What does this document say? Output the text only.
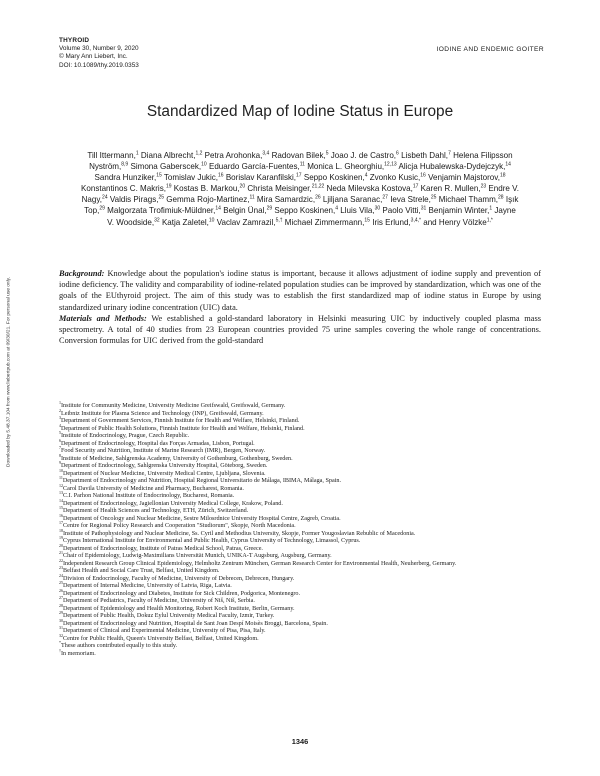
Downloaded by 5.48.37.104 from www.liebertpub.com at 09/30/21. For personal use only.
THYROID
Volume 30, Number 9, 2020
© Mary Ann Liebert, Inc.
DOI: 10.1089/thy.2019.0353
IODINE AND ENDEMIC GOITER
Standardized Map of Iodine Status in Europe
Till Ittermann,$^1$ Diana Albrecht,$^{1,2}$ Petra Arohonka,$^{3,4}$ Radovan Bilek,$^5$ Joao J. de Castro,$^6$ Lisbeth Dahl,$^7$ Helena Filipsson Nyström,$^{8,9}$ Simona Gaberscek,$^{10}$ Eduardo García-Fuentes,$^{11}$ Monica L. Gheorghiu,$^{12,13}$ Alicja Hubalewska-Dydejczyk,$^{14}$ Sandra Hunziker,$^{15}$ Tomislav Jukic,$^{16}$ Borislav Karanfilski,$^{17}$ Seppo Koskinen,$^4$ Zvonko Kusic,$^{16}$ Venjamin Majstorov,$^{18}$ Konstantinos C. Makris,$^{19}$ Kostas B. Markou,$^{20}$ Christa Meisinger,$^{21,22}$ Neda Milevska Kostova,$^{17}$ Karen R. Mullen,$^{23}$ Endre V. Nagy,$^{24}$ Valdis Pirags,$^{25}$ Gemma Rojo-Martinez,$^{11}$ Mira Samardzic,$^{26}$ Ljiljana Saranac,$^{27}$ Ieva Strele,$^{25}$ Michael Thamm,$^{28}$ Işık Top,$^{29}$ Malgorzata Trofimiuk-Müldner,$^{14}$ Belgin Ünal,$^{29}$ Seppo Koskinen,$^4$ Lluis Vila,$^{30}$ Paolo Vitti,$^{31}$ Benjamin Winter,$^1$ Jayne V. Woodside,$^{32}$ Katja Zaletel,$^{10}$ Vaclav Zamrazil,$^{5,\dagger}$ Michael Zimmermann,$^{15}$ Iris Erlund,$^{3,4,*}$ and Henry Völzke$^{1,*}$

Background: Knowledge about the population's iodine status is important, because it allows adjustment of iodine supply and prevention of iodine deficiency. The validity and comparability of iodine-related population studies can be improved by standardization, which was one of the goals of the EUthyroid project. The aim of this study was to establish the first standardized map of iodine status in Europe by using standardized urinary iodine concentration (UIC) data.

Materials and Methods: We established a gold-standard laboratory in Helsinki measuring UIC by inductively coupled plasma mass spectrometry. A total of 40 studies from 23 European countries provided 75 urine samples covering the whole range of concentrations. Conversion formulas for UIC derived from the gold-standard

$^1$Institute for Community Medicine, University Medicine Greifswald, Greifswald, Germany.
$^2$Leibniz Institute for Plasma Science and Technology (INP), Greifswald, Germany.
$^3$Department of Government Services, Finnish Institute for Health and Welfare, Helsinki, Finland.
$^4$Department of Public Health Solutions, Finnish Institute for Health and Welfare, Helsinki, Finland.
$^5$Institute of Endocrinology, Prague, Czech Republic.
$^6$Department of Endocrinology, Hospital das Forças Armadas, Lisbon, Portugal.
$^7$Food Security and Nutrition, Institute of Marine Research (IMR), Bergen, Norway.
$^8$Institute of Medicine, Sahlgrenska Academy, University of Gothenburg, Gothenburg, Sweden.
$^9$Department of Endocrinology, Sahlgrenska University Hospital, Göteborg, Sweden.
$^{10}$Department of Nuclear Medicine, University Medical Centre, Ljubljana, Slovenia.
$^{11}$Department of Endocrinology and Nutrition, Hospital Regional Universitario de Málaga, IBIMA, Málaga, Spain.
$^{12}$Carol Davila University of Medicine and Pharmacy, Bucharest, Romania.
$^{13}$C.I. Parhon National Institute of Endocrinology, Bucharest, Romania.
$^{14}$Department of Endocrinology, Jagiellonian University Medical College, Krakow, Poland.
$^{15}$Department of Health Sciences and Technology, ETH, Zürich, Switzerland.
$^{16}$Department of Oncology and Nuclear Medicine, Sestre Milosrdnice University Hospital Centre, Zagreb, Croatia.
$^{17}$Centre for Regional Policy Research and Cooperation "Studiorum", Skopje, North Macedonia.
$^{18}$Institute of Pathophysiology and Nuclear Medicine, Ss. Cyril and Methodius University, Skopje, Former Yougoslavian Rebublic of Macedonia.
$^{19}$Cyprus International Institute for Environmental and Public Health, Cyprus University of Technology, Limassol, Cyprus.
$^{20}$Department of Endocrinology, Institute of Patras Medical School, Patras, Greece.
$^{21}$Chair of Epidemiology, Ludwig-Maximilians Universität Munich, UNIKA-T Augsburg, Augsburg, Germany.
$^{22}$Independent Research Group Clinical Epidemiology, Helmholtz Zentrum München, German Research Center for Environmental Health, Neuherberg, Germany.
$^{23}$Belfast Health and Social Care Trust, Belfast, United Kingdom.
$^{24}$Division of Endocrinology, Faculty of Medicine, University of Debrecen, Debrecen, Hungary.
$^{25}$Department of Internal Medicine, University of Latvia, Riga, Latvia.
$^{26}$Department of Endocrinology and Diabetes, Institute for Sick Children, Podgorica, Montenegro.
$^{27}$Department of Pediatrics, Faculty of Medicine, University of Niš, Niš, Serbia.
$^{28}$Department of Epidemiology and Health Monitoring, Robert Koch Institute, Berlin, Germany.
$^{29}$Department of Public Health, Dokuz Eylul University Medical Faculty, Izmir, Turkey.
$^{30}$Department of Endocrinology and Nutrition, Hospital de Sant Joan Despí Moisès Broggi, Barcelona, Spain.
$^{31}$Department of Clinical and Experimental Medicine, University of Pisa, Pisa, Italy.
$^{32}$Centre for Public Health, Queen's University Belfast, Belfast, United Kingdom.
*These authors contributed equally to this study.
†In memoriam.
1346
